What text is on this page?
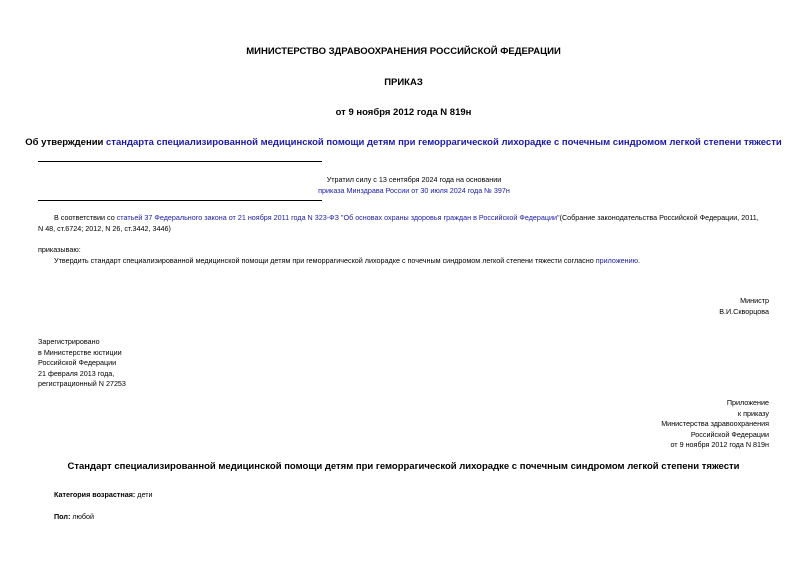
МИНИСТЕРСТВО ЗДРАВООХРАНЕНИЯ РОССИЙСКОЙ ФЕДЕРАЦИИ
ПРИКАЗ
от 9 ноября 2012 года N 819н
Об утверждении стандарта специализированной медицинской помощи детям при геморрагической лихорадке с почечным синдромом легкой степени тяжести
Утратил силу с 13 сентября 2024 года на основании
приказа Минздрава России от 30 июля 2024 года № 397н
В соответствии со статьей 37 Федерального закона от 21 ноября 2011 года N 323-ФЗ "Об основах охраны здоровья граждан в Российской Федерации"(Собрание законодательства Российской Федерации, 2011,
N 48, ст.6724; 2012, N 26, ст.3442, 3446)
приказываю:
Утвердить стандарт специализированной медицинской помощи детям при геморрагической лихорадке с почечным синдромом легкой степени тяжести согласно приложению.
Министр
В.И.Скворцова
Зарегистрировано
в Министерстве юстиции
Российской Федерации
21 февраля 2013 года,
регистрационный N 27253
Приложение
к приказу
Министерства здравоохранения
Российской Федерации
от 9 ноября 2012 года N 819н
Стандарт специализированной медицинской помощи детям при геморрагической лихорадке с почечным синдромом легкой степени тяжести
Категория возрастная: дети
Пол: любой
